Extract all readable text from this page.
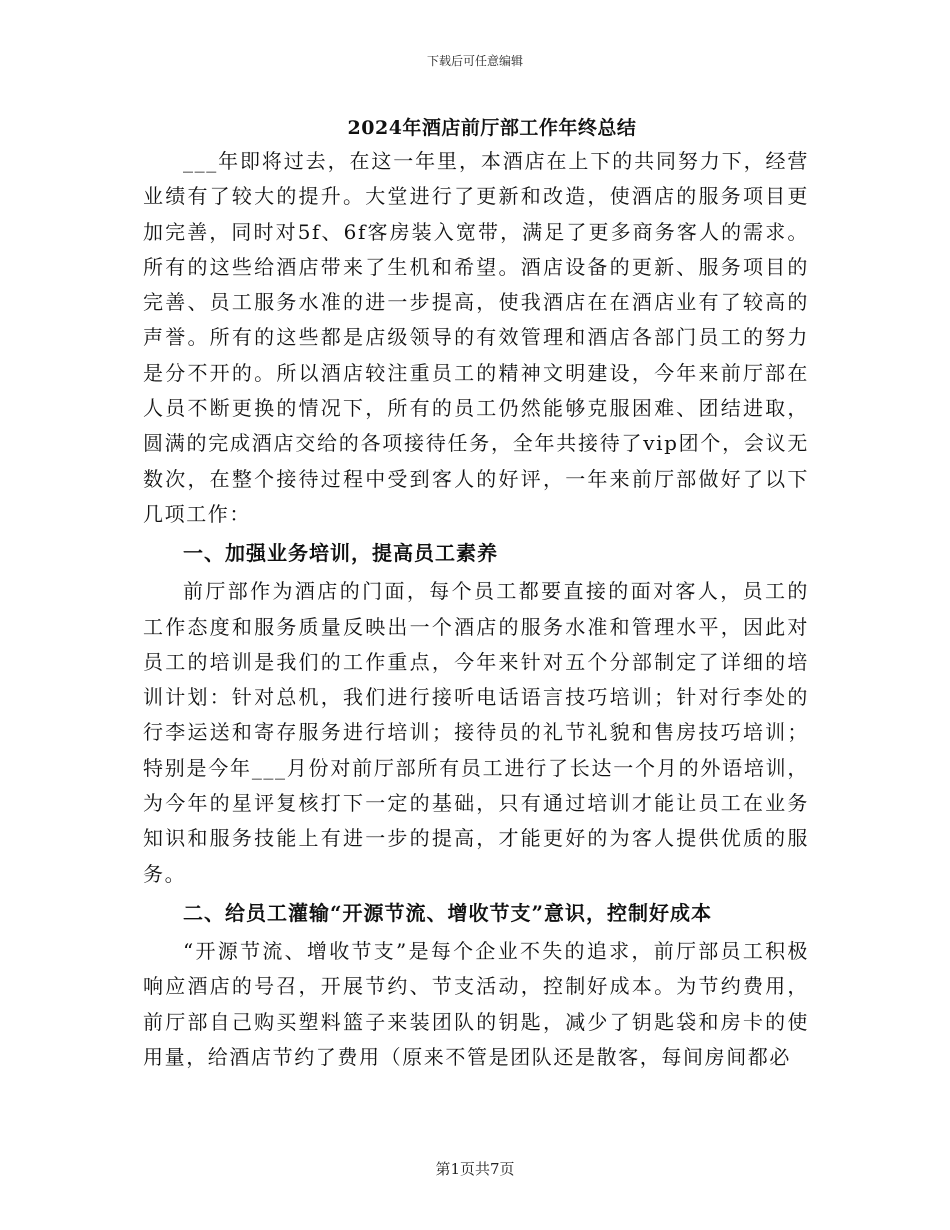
下载后可任意编辑
2024年酒店前厅部工作年终总结

___年即将过去，在这一年里，本酒店在上下的共同努力下，经营业绩有了较大的提升。大堂进行了更新和改造，使酒店的服务项目更加完善，同时对5f、6f客房装入宽带，满足了更多商务客人的需求。所有的这些给酒店带来了生机和希望。酒店设备的更新、服务项目的完善、员工服务水准的进一步提高，使我酒店在在酒店业有了较高的声誉。所有的这些都是店级领导的有效管理和酒店各部门员工的努力是分不开的。所以酒店较注重员工的精神文明建设，今年来前厅部在人员不断更换的情况下，所有的员工仍然能够克服困难、团结进取，圆满的完成酒店交给的各项接待任务，全年共接待了vip团个，会议无数次，在整个接待过程中受到客人的好评，一年来前厅部做好了以下几项工作：

一、加强业务培训，提高员工素养

前厅部作为酒店的门面，每个员工都要直接的面对客人，员工的工作态度和服务质量反映出一个酒店的服务水准和管理水平，因此对员工的培训是我们的工作重点，今年来针对五个分部制定了详细的培训计划：针对总机，我们进行接听电话语言技巧培训；针对行李处的行李运送和寄存服务进行培训；接待员的礼节礼貌和售房技巧培训；特别是今年___月份对前厅部所有员工进行了长达一个月的外语培训，为今年的星评复核打下一定的基础，只有通过培训才能让员工在业务知识和服务技能上有进一步的提高，才能更好的为客人提供优质的服务。

二、给员工灌输“开源节流、增收节支”意识，控制好成本

“开源节流、增收节支”是每个企业不失的追求，前厅部员工积极响应酒店的号召，开展节约、节支活动，控制好成本。为节约费用，前厅部自己购买塑料篮子来装团队的钥匙，减少了钥匙袋和房卡的使用量，给酒店节约了费用（原来不管是团队还是散客，每间房间都必

第1页共7页
